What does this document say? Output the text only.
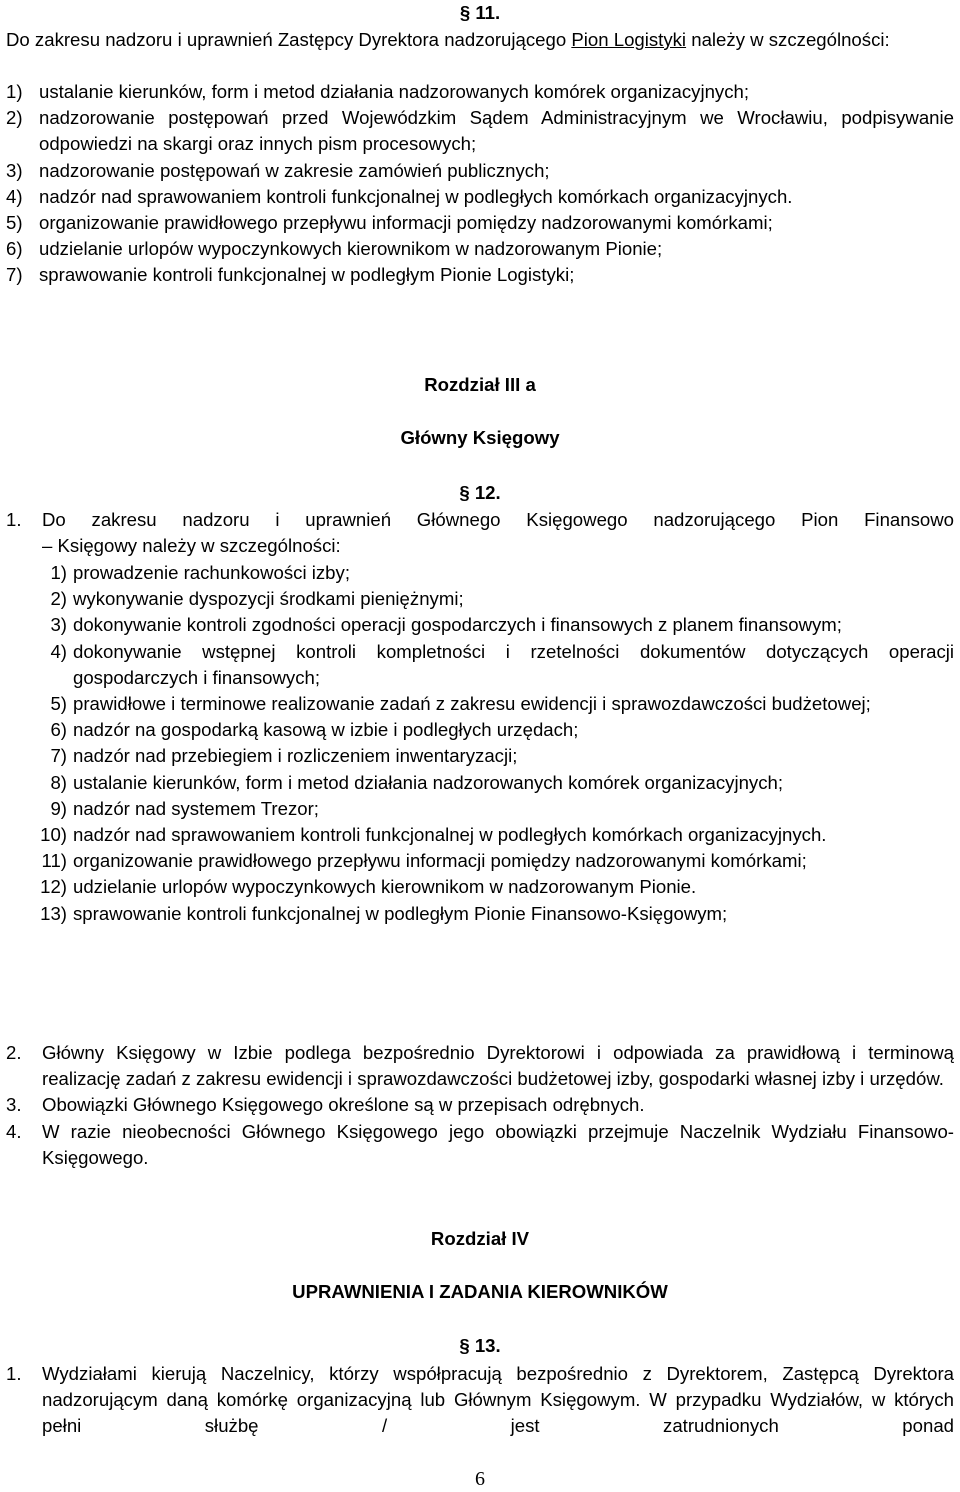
§ 11.
Do zakresu nadzoru i uprawnień Zastępcy Dyrektora nadzorującego Pion Logistyki należy w szczególności:
1) ustalanie kierunków, form i metod działania nadzorowanych komórek organizacyjnych;
2) nadzorowanie postępowań przed Wojewódzkim Sądem Administracyjnym we Wrocławiu, podpisywanie odpowiedzi na skargi oraz innych pism procesowych;
3) nadzorowanie postępowań w zakresie zamówień publicznych;
4) nadzór nad sprawowaniem kontroli funkcjonalnej w podległych komórkach organizacyjnych.
5) organizowanie prawidłowego przepływu informacji pomiędzy nadzorowanymi komórkami;
6) udzielanie urlopów wypoczynkowych kierownikom w nadzorowanym Pionie;
7) sprawowanie kontroli funkcjonalnej w podległym Pionie Logistyki;
Rozdział III a
Główny Księgowy
§ 12.
1.	Do zakresu nadzoru i uprawnień Głównego Księgowego nadzorującego Pion Finansowo
– Księgowy należy w szczególności:
1) prowadzenie rachunkowości izby;
2) wykonywanie dyspozycji środkami pieniężnymi;
3) dokonywanie kontroli zgodności operacji gospodarczych i finansowych z planem finansowym;
4) dokonywanie wstępnej kontroli kompletności i rzetelności dokumentów dotyczących operacji gospodarczych i finansowych;
5) prawidłowe i terminowe realizowanie zadań z zakresu ewidencji i sprawozdawczości budżetowej;
6) nadzór na gospodarką kasową w izbie i podległych urzędach;
7) nadzór nad przebiegiem i rozliczeniem inwentaryzacji;
8) ustalanie kierunków, form i metod działania nadzorowanych komórek organizacyjnych;
9) nadzór nad systemem Trezor;
10) nadzór nad sprawowaniem kontroli funkcjonalnej w podległych komórkach organizacyjnych.
11) organizowanie prawidłowego przepływu informacji pomiędzy nadzorowanymi komórkami;
12) udzielanie urlopów wypoczynkowych kierownikom w nadzorowanym Pionie.
13) sprawowanie kontroli funkcjonalnej w podległym Pionie Finansowo-Księgowym;
2.	Główny Księgowy w Izbie podlega bezpośrednio Dyrektorowi i odpowiada za prawidłową i terminową realizację zadań z zakresu ewidencji i sprawozdawczości budżetowej izby, gospodarki własnej izby i urzędów.
3.	Obowiązki Głównego Księgowego określone są w przepisach odrębnych.
4.	W razie nieobecności Głównego Księgowego jego obowiązki przejmuje Naczelnik Wydziału Finansowo-Księgowego.
Rozdział IV
UPRAWNIENIA I ZADANIA KIEROWNIKÓW
§ 13.
1.	Wydziałami kierują Naczelnicy, którzy współpracują bezpośrednio z Dyrektorem, Zastępcą Dyrektora nadzorującym daną komórkę organizacyjną lub Głównym Księgowym. W przypadku Wydziałów, w których pełni służbę / jest zatrudnionych ponad
6
